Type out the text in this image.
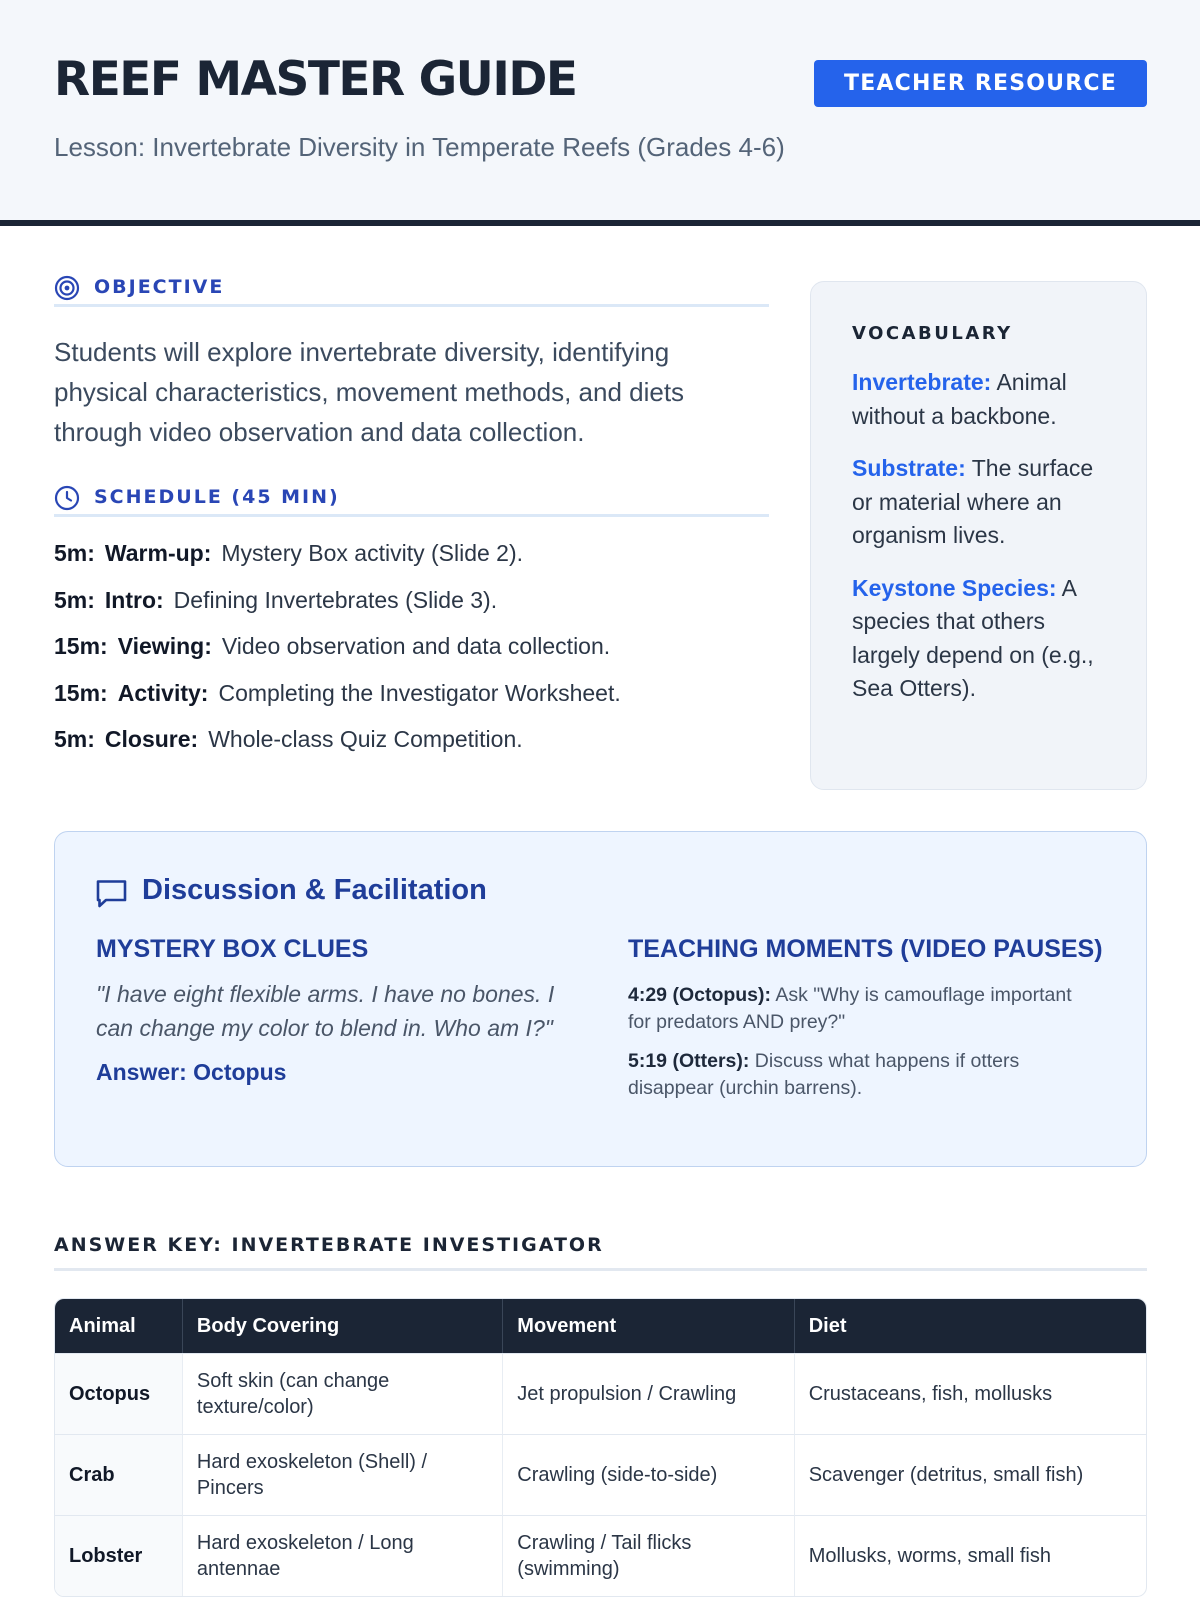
REEF MASTER GUIDE	TEACHER RESOURCE
Lesson: Invertebrate Diversity in Temperate Reefs (Grades 4-6)
OBJECTIVE
Students will explore invertebrate diversity, identifying physical characteristics, movement methods, and diets through video observation and data collection.
SCHEDULE (45 MIN)
5m: Warm-up: Mystery Box activity (Slide 2).
5m: Intro: Defining Invertebrates (Slide 3).
15m: Viewing: Video observation and data collection.
15m: Activity: Completing the Investigator Worksheet.
5m: Closure: Whole-class Quiz Competition.
VOCABULARY
Invertebrate: Animal without a backbone.
Substrate: The surface or material where an organism lives.
Keystone Species: A species that others largely depend on (e.g., Sea Otters).
Discussion & Facilitation
MYSTERY BOX CLUES
"I have eight flexible arms. I have no bones. I can change my color to blend in. Who am I?"
Answer: Octopus
TEACHING MOMENTS (VIDEO PAUSES)
4:29 (Octopus): Ask "Why is camouflage important for predators AND prey?"
5:19 (Otters): Discuss what happens if otters disappear (urchin barrens).
ANSWER KEY: INVERTEBRATE INVESTIGATOR
Animal	Body Covering	Movement	Diet
Octopus	Soft skin (can change texture/color)	Jet propulsion / Crawling	Crustaceans, fish, mollusks
Crab	Hard exoskeleton (Shell) / Pincers	Crawling (side-to-side)	Scavenger (detritus, small fish)
Lobster	Hard exoskeleton / Long antennae	Crawling / Tail flicks (swimming)	Mollusks, worms, small fish
